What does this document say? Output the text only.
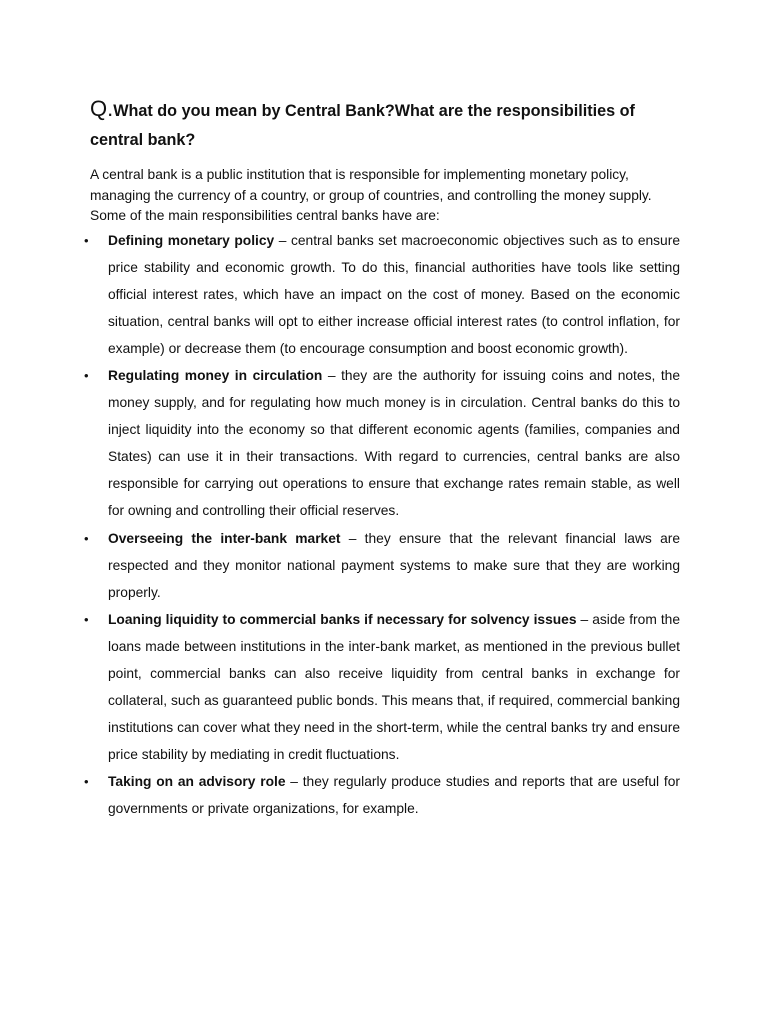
Q.What do you mean by Central Bank?What are the responsibilities of central bank?

A central bank is a public institution that is responsible for implementing monetary policy, managing the currency of a country, or group of countries, and controlling the money supply. Some of the main responsibilities central banks have are:

• Defining monetary policy – central banks set macroeconomic objectives such as to ensure price stability and economic growth. To do this, financial authorities have tools like setting official interest rates, which have an impact on the cost of money. Based on the economic situation, central banks will opt to either increase official interest rates (to control inflation, for example) or decrease them (to encourage consumption and boost economic growth).
• Regulating money in circulation – they are the authority for issuing coins and notes, the money supply, and for regulating how much money is in circulation. Central banks do this to inject liquidity into the economy so that different economic agents (families, companies and States) can use it in their transactions. With regard to currencies, central banks are also responsible for carrying out operations to ensure that exchange rates remain stable, as well for owning and controlling their official reserves.
• Overseeing the inter-bank market – they ensure that the relevant financial laws are respected and they monitor national payment systems to make sure that they are working properly.
• Loaning liquidity to commercial banks if necessary for solvency issues – aside from the loans made between institutions in the inter-bank market, as mentioned in the previous bullet point, commercial banks can also receive liquidity from central banks in exchange for collateral, such as guaranteed public bonds. This means that, if required, commercial banking institutions can cover what they need in the short-term, while the central banks try and ensure price stability by mediating in credit fluctuations.
• Taking on an advisory role – they regularly produce studies and reports that are useful for governments or private organizations, for example.
